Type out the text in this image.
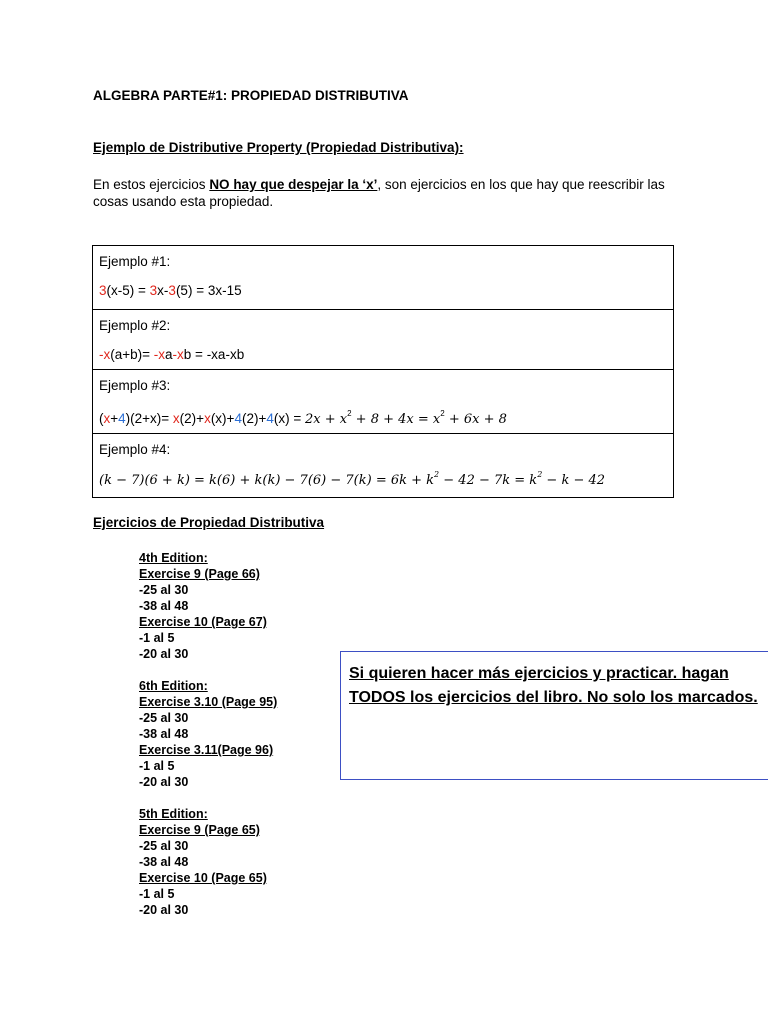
ALGEBRA PARTE#1: PROPIEDAD DISTRIBUTIVA
Ejemplo de Distributive Property (Propiedad Distributiva):
En estos ejercicios NO hay que despejar la ‘x’, son ejercicios en los que hay que reescribir las cosas usando esta propiedad.
Ejemplo #1:
3(x-5) = 3x-3(5) = 3x-15
Ejemplo #2:
-x(a+b)= -xa-xb = -xa-xb
Ejemplo #3:
$(x+4)(2+x)= x(2)+x(x)+4(2)+4(x) = 2x + x^2 + 8 + 4x = x^2 + 6x + 8$
Ejemplo #4:
$(k - 7)(6 + k) = k(6) + k(k) - 7(6) - 7(k) = 6k + k^2 - 42 - 7k = k^2 - k - 42$
Ejercicios de Propiedad Distributiva
4th Edition:
Exercise 9 (Page 66)
-25 al 30
-38 al 48
Exercise 10 (Page 67)
-1 al 5
-20 al 30
6th Edition:
Exercise 3.10 (Page 95)
-25 al 30
-38 al 48
Exercise 3.11(Page 96)
-1 al 5
-20 al 30
5th Edition:
Exercise 9 (Page 65)
-25 al 30
-38 al 48
Exercise 10 (Page 65)
-1 al 5
-20 al 30
Si quieren hacer más ejercicios y practicar. hagan TODOS los ejercicios del libro. No solo los marcados.
